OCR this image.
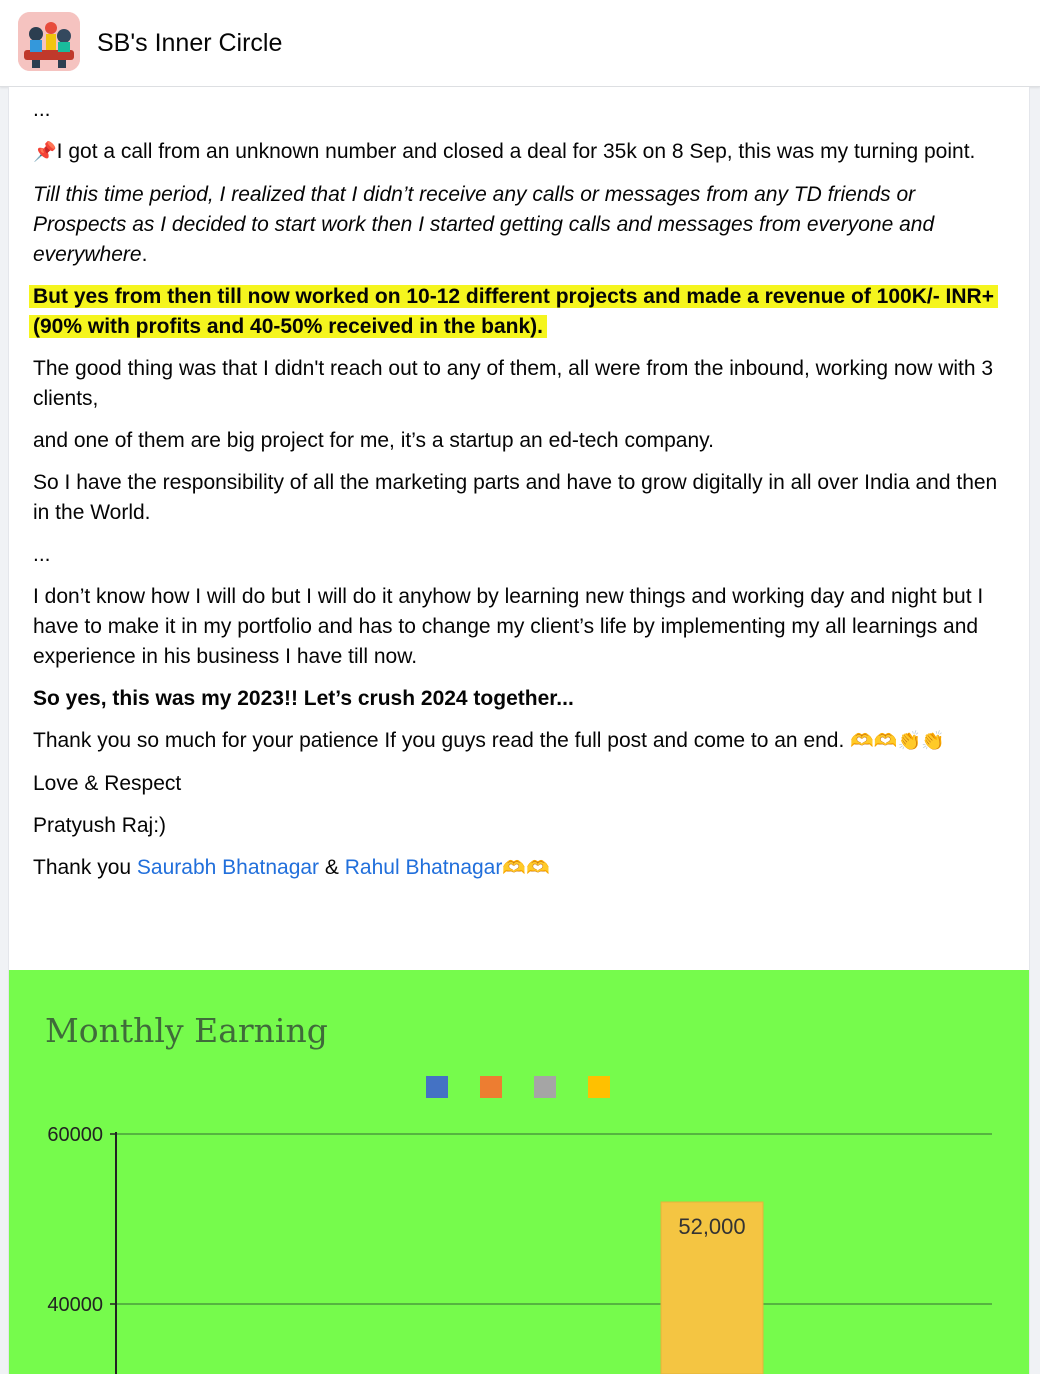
SB's Inner Circle
...

📌I got a call from an unknown number and closed a deal for 35k on 8 Sep, this was my turning point.

Till this time period, I realized that I didn’t receive any calls or messages from any TD friends or Prospects as I decided to start work then I started getting calls and messages from everyone and everywhere.

But yes from then till now worked on 10-12 different projects and made a revenue of 100K/- INR+ (90% with profits and 40-50% received in the bank).

The good thing was that I didn't reach out to any of them, all were from the inbound, working now with 3 clients,

and one of them are big project for me, it’s a startup an ed-tech company.

So I have the responsibility of all the marketing parts and have to grow digitally in all over India and then in the World.

...

I don’t know how I will do but I will do it anyhow by learning new things and working day and night but I have to make it in my portfolio and has to change my client’s life by implementing my all learnings and experience in his business I have till now.

So yes, this was my 2023!! Let’s crush 2024 together...

Thank you so much for your patience If you guys read the full post and come to an end. 🫶🫶👏👏

Love & Respect

Pratyush Raj:)

Thank you Saurabh Bhatnagar & Rahul Bhatnagar🫶🫶

Monthly Earning
60000
40000
52,000
